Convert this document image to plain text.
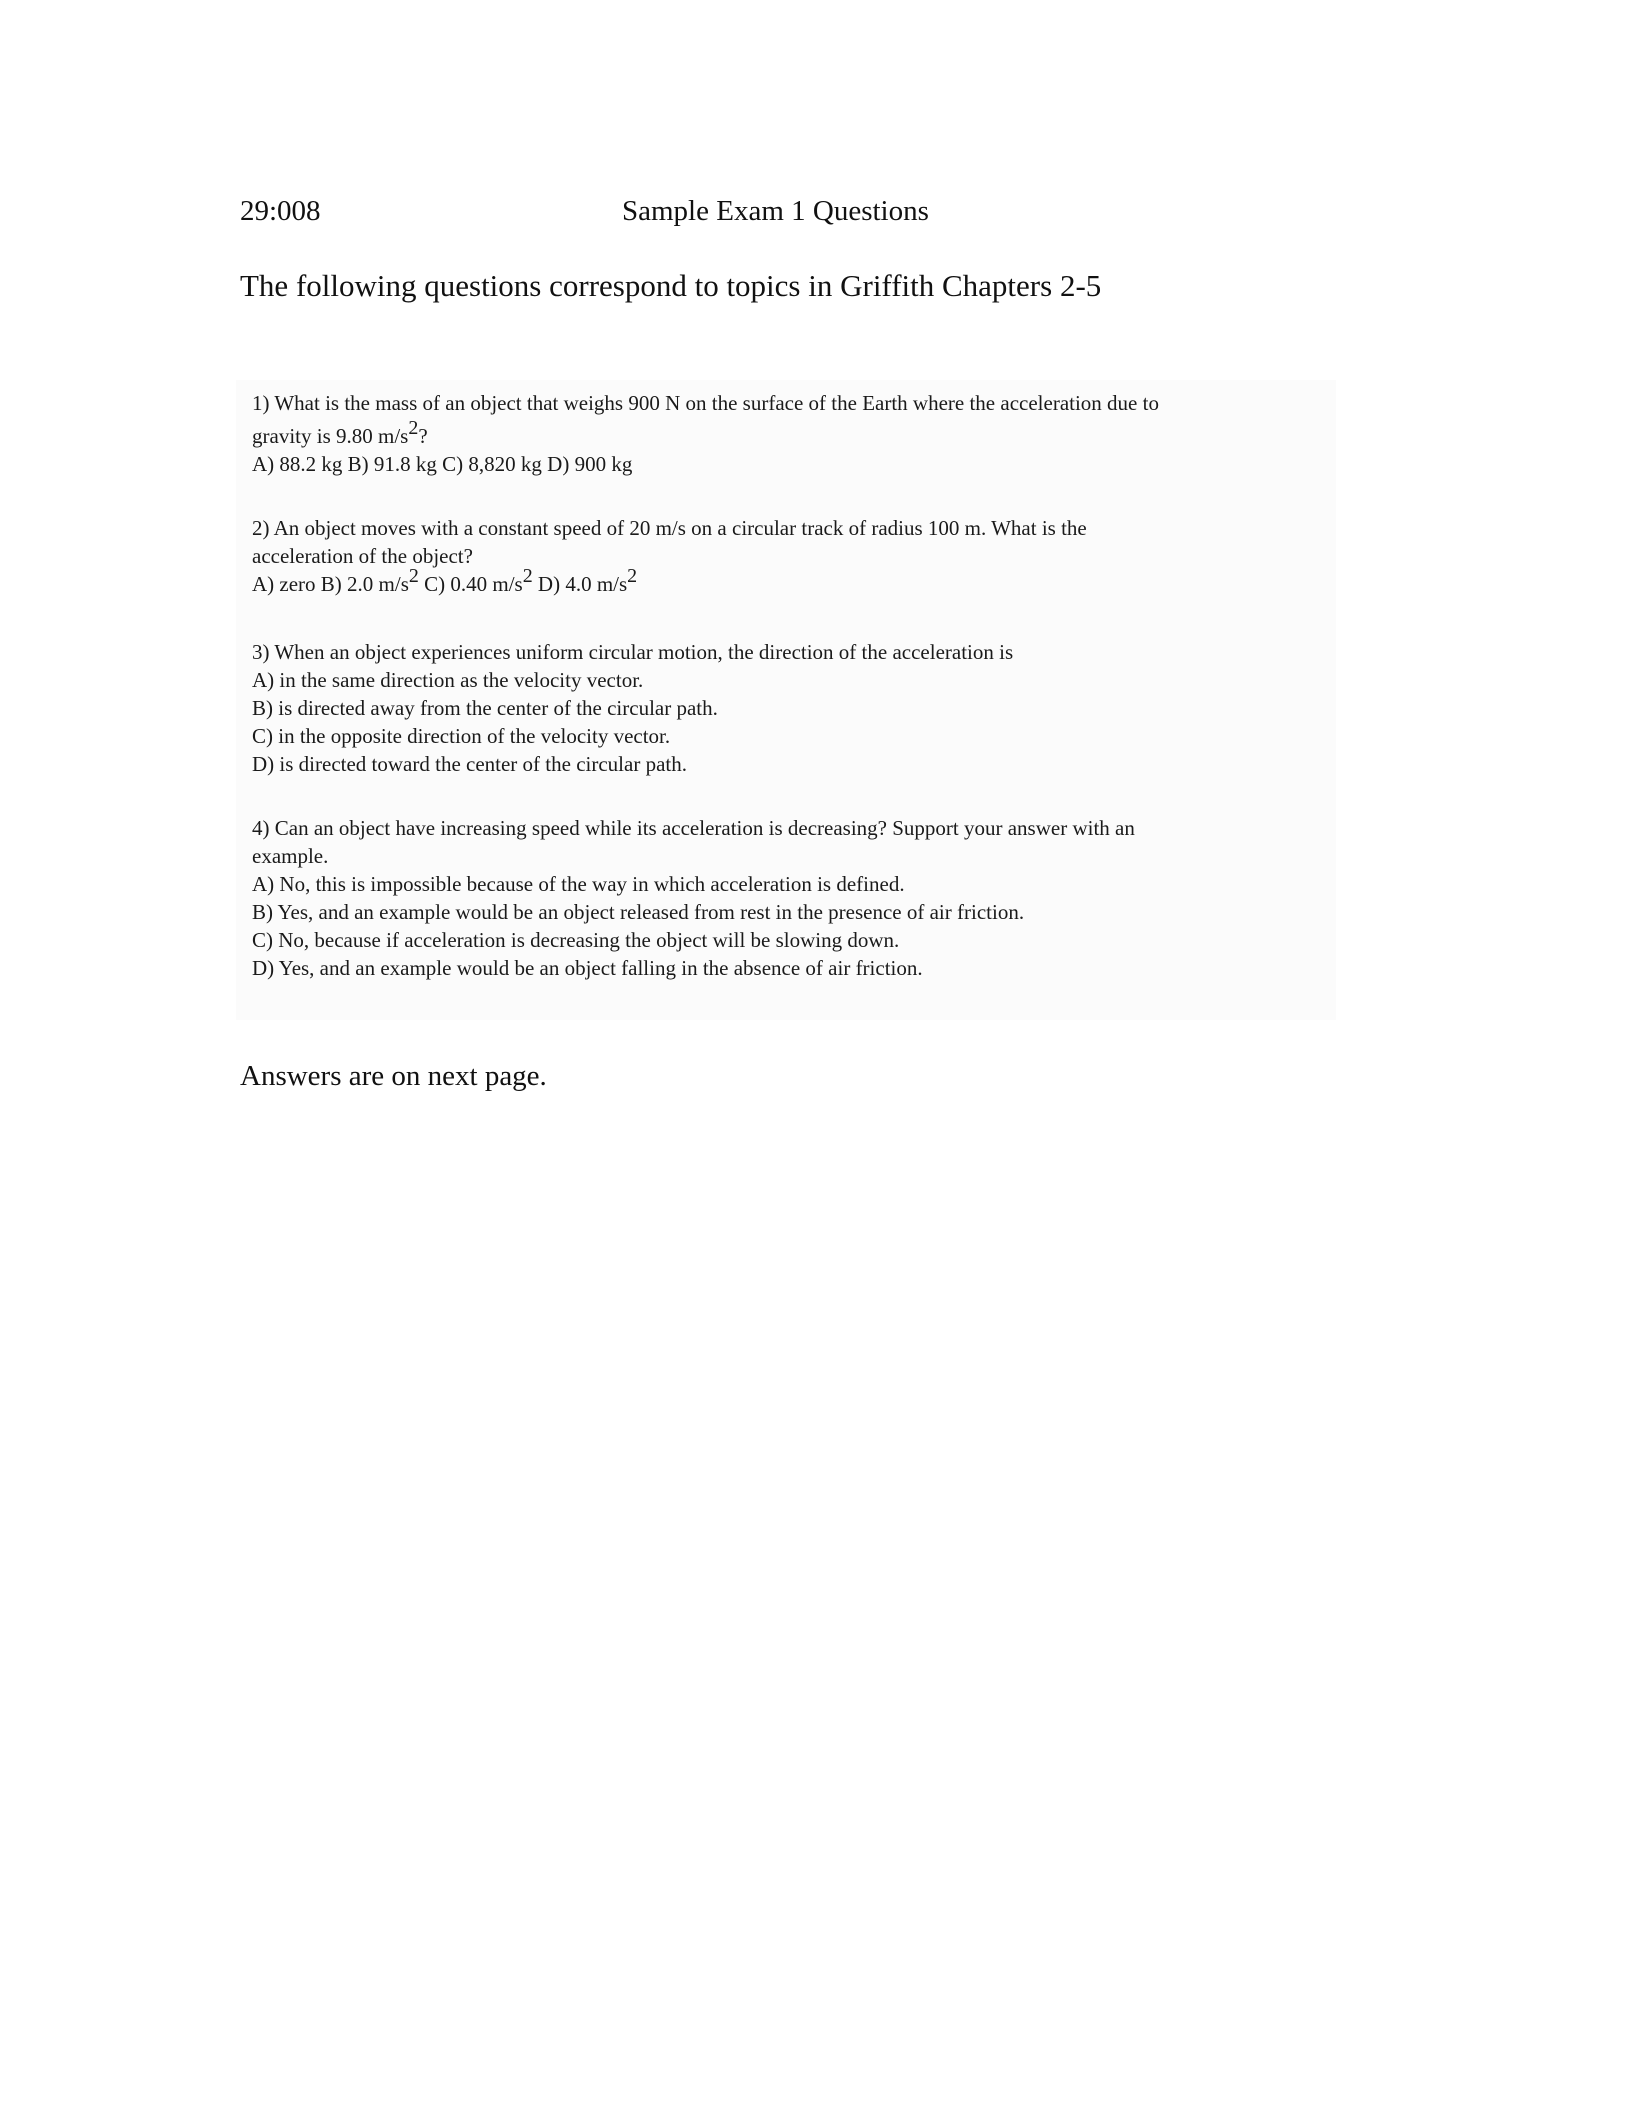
29:008	Sample Exam 1 Questions
The following questions correspond to topics in Griffith Chapters 2-5
1) What is the mass of an object that weighs 900 N on the surface of the Earth where the acceleration due to
gravity is 9.80 $m/s^2$?
A) 88.2 kg B) 91.8 kg C) 8,820 kg D) 900 kg
2) An object moves with a constant speed of 20 m/s on a circular track of radius 100 m. What is the
acceleration of the object?
A) zero B) 2.0 $m/s^2$ C) 0.40 $m/s^2$ D) 4.0 $m/s^2$
3) When an object experiences uniform circular motion, the direction of the acceleration is
A) in the same direction as the velocity vector.
B) is directed away from the center of the circular path.
C) in the opposite direction of the velocity vector.
D) is directed toward the center of the circular path.
4) Can an object have increasing speed while its acceleration is decreasing? Support your answer with an
example.
A) No, this is impossible because of the way in which acceleration is defined.
B) Yes, and an example would be an object released from rest in the presence of air friction.
C) No, because if acceleration is decreasing the object will be slowing down.
D) Yes, and an example would be an object falling in the absence of air friction.
Answers are on next page.
